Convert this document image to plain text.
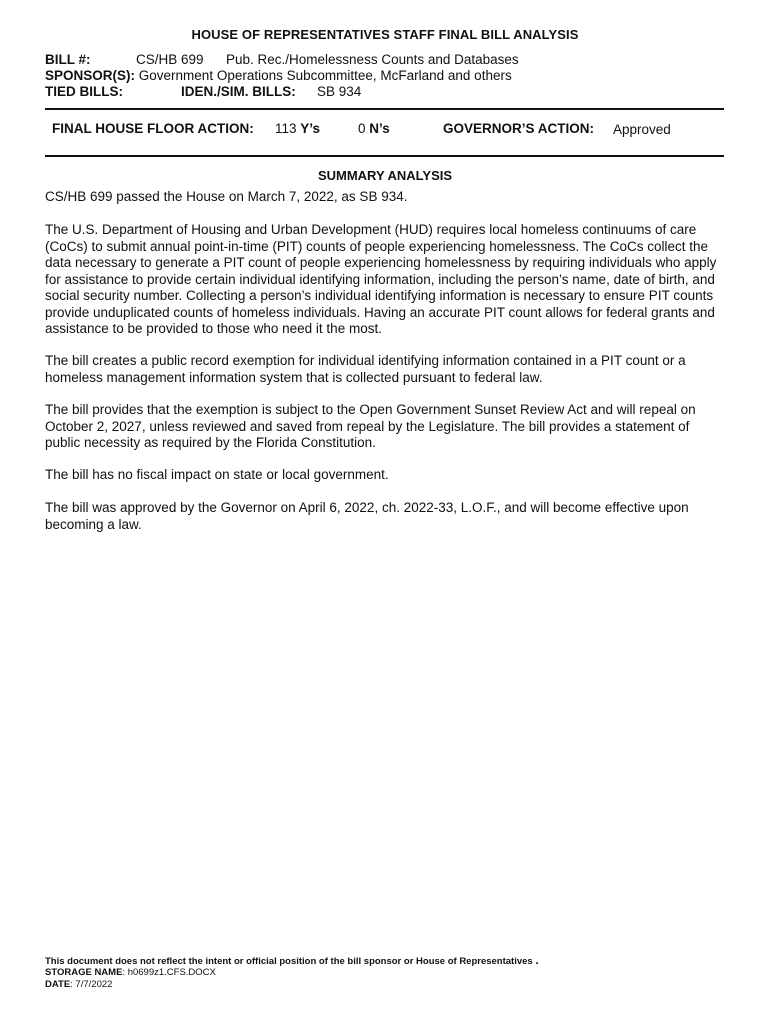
HOUSE OF REPRESENTATIVES STAFF FINAL BILL ANALYSIS
BILL #:	CS/HB 699 Pub. Rec./Homelessness Counts and Databases
SPONSOR(S): Government Operations Subcommittee, McFarland and others
TIED BILLS:	IDEN./SIM. BILLS: SB 934
FINAL HOUSE FLOOR ACTION: 113 Y’s	0 N’s	GOVERNOR’S ACTION: Approved
SUMMARY ANALYSIS
CS/HB 699 passed the House on March 7, 2022, as SB 934.
The U.S. Department of Housing and Urban Development (HUD) requires local homeless continuums of care (CoCs) to submit annual point-in-time (PIT) counts of people experiencing homelessness. The CoCs collect the data necessary to generate a PIT count of people experiencing homelessness by requiring individuals who apply for assistance to provide certain individual identifying information, including the person’s name, date of birth, and social security number. Collecting a person’s individual identifying information is necessary to ensure PIT counts provide unduplicated counts of homeless individuals. Having an accurate PIT count allows for federal grants and assistance to be provided to those who need it the most.
The bill creates a public record exemption for individual identifying information contained in a PIT count or a homeless management information system that is collected pursuant to federal law.
The bill provides that the exemption is subject to the Open Government Sunset Review Act and will repeal on October 2, 2027, unless reviewed and saved from repeal by the Legislature. The bill provides a statement of public necessity as required by the Florida Constitution.
The bill has no fiscal impact on state or local government.
The bill was approved by the Governor on April 6, 2022, ch. 2022-33, L.O.F., and will become effective upon becoming a law.
This document does not reflect the intent or official position of the bill sponsor or House of Representatives .
STORAGE NAME: h0699z1.CFS.DOCX
DATE: 7/7/2022
